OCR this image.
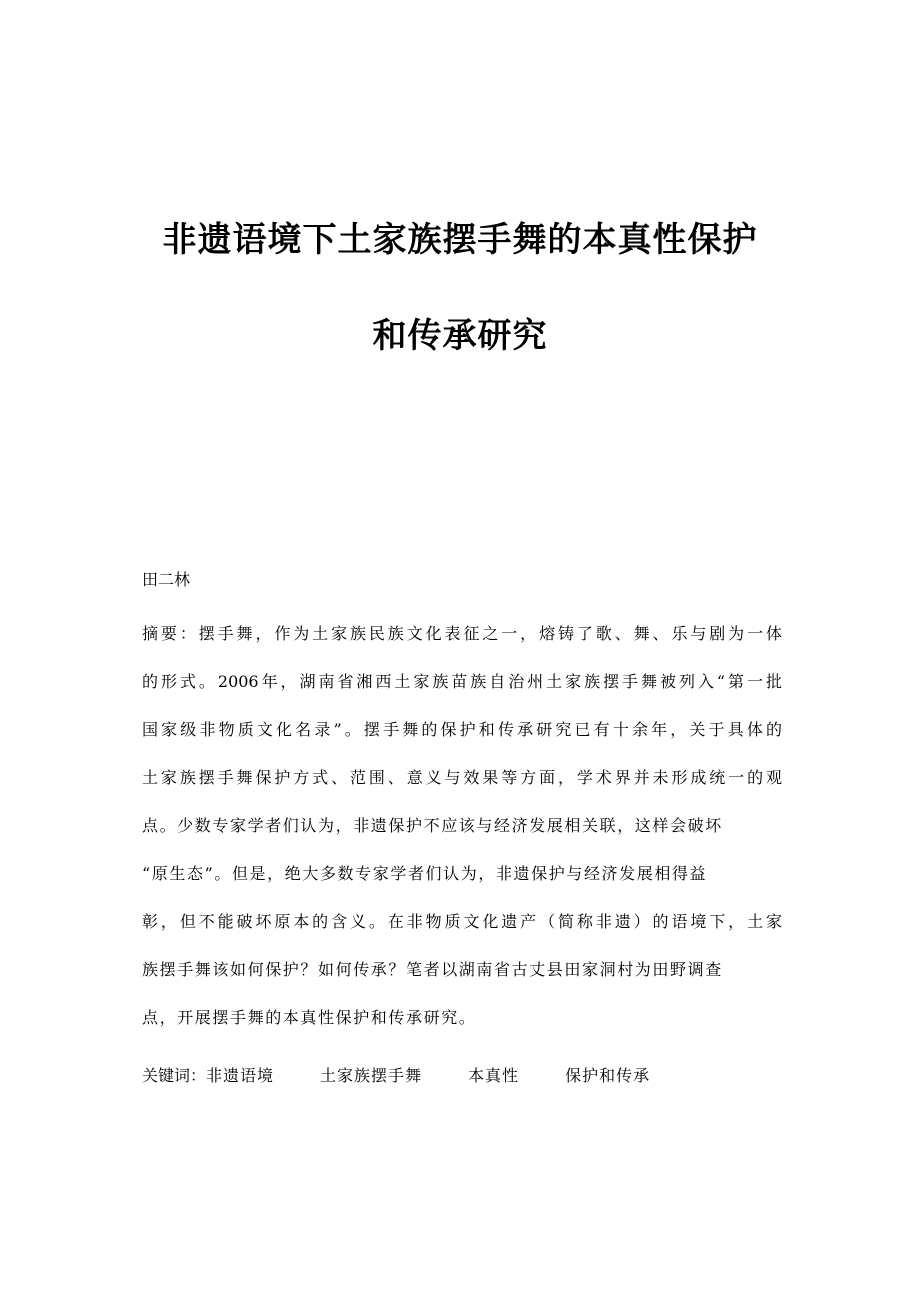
非遗语境下土家族摆手舞的本真性保护
和传承研究

田二林

摘要：摆手舞，作为土家族民族文化表征之一，熔铸了歌、舞、乐与剧为一体
的形式。2006年，湖南省湘西土家族苗族自治州土家族摆手舞被列入“第一批
国家级非物质文化名录”。摆手舞的保护和传承研究已有十余年，关于具体的
土家族摆手舞保护方式、范围、意义与效果等方面，学术界并未形成统一的观
点。少数专家学者们认为，非遗保护不应该与经济发展相关联，这样会破坏
“原生态”。但是，绝大多数专家学者们认为，非遗保护与经济发展相得益
彰，但不能破坏原本的含义。在非物质文化遗产（简称非遗）的语境下，土家
族摆手舞该如何保护？如何传承？笔者以湖南省古丈县田家洞村为田野调查
点，开展摆手舞的本真性保护和传承研究。

关键词：非遗语境	土家族摆手舞	本真性	保护和传承
